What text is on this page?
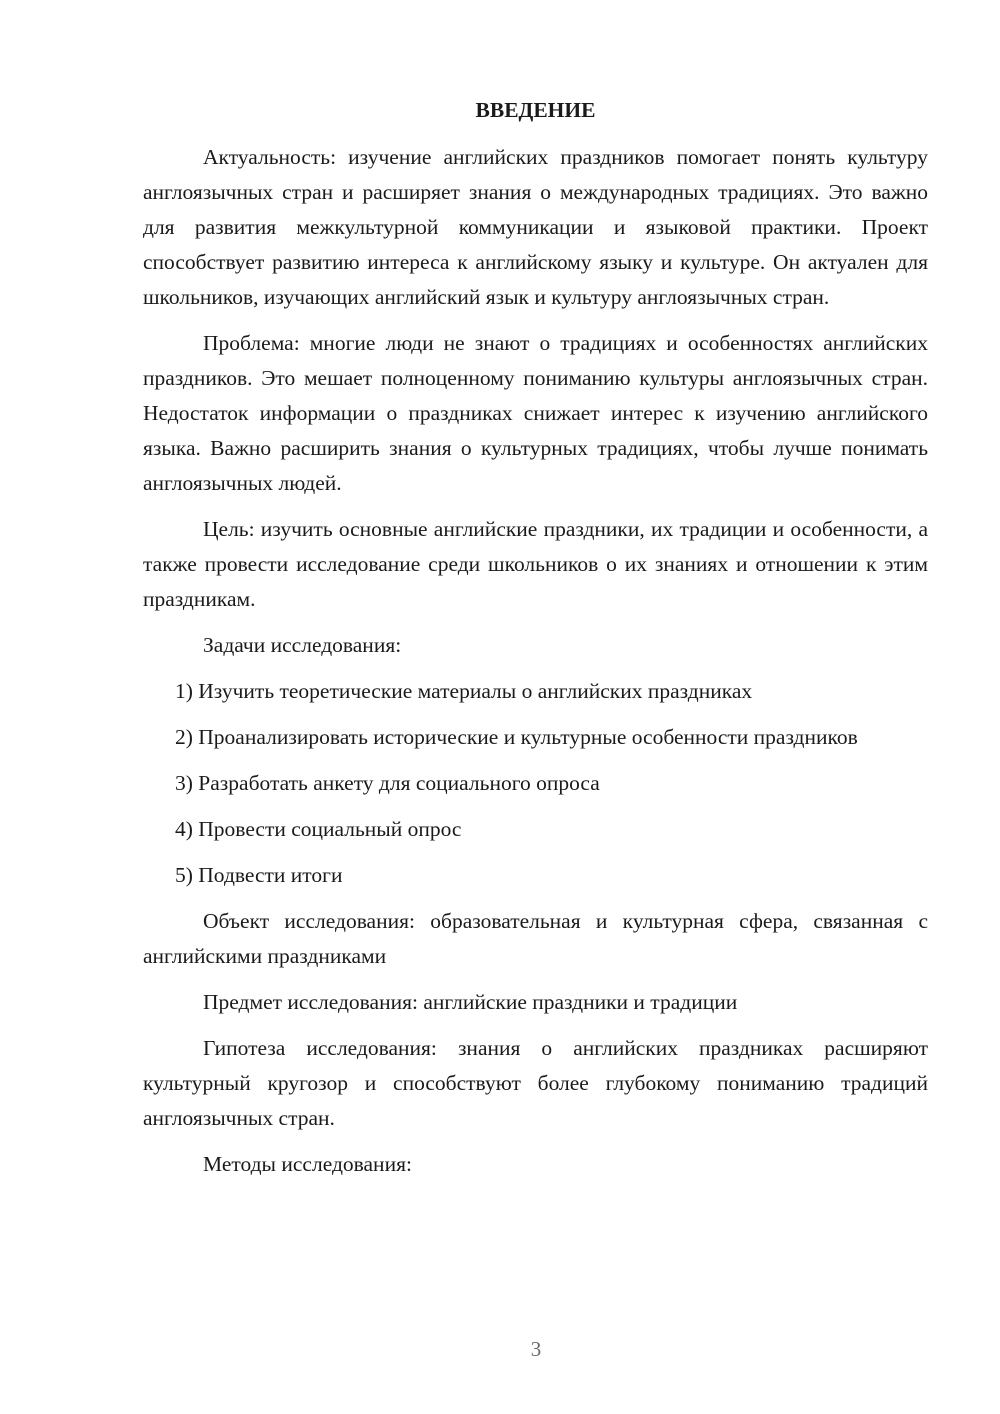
ВВЕДЕНИЕ

Актуальность: изучение английских праздников помогает понять культуру англоязычных стран и расширяет знания о международных традициях. Это важно для развития межкультурной коммуникации и языковой практики. Проект способствует развитию интереса к английскому языку и культуре. Он актуален для школьников, изучающих английский язык и культуру англоязычных стран.

Проблема: многие люди не знают о традициях и особенностях английских праздников. Это мешает полноценному пониманию культуры англоязычных стран. Недостаток информации о праздниках снижает интерес к изучению английского языка. Важно расширить знания о культурных традициях, чтобы лучше понимать англоязычных людей.

Цель: изучить основные английские праздники, их традиции и особенности, а также провести исследование среди школьников о их знаниях и отношении к этим праздникам.

Задачи исследования:

1) Изучить теоретические материалы о английских праздниках

2) Проанализировать исторические и культурные особенности праздников

3) Разработать анкету для социального опроса

4) Провести социальный опрос

5) Подвести итоги

Объект исследования: образовательная и культурная сфера, связанная с английскими праздниками

Предмет исследования: английские праздники и традиции

Гипотеза исследования: знания о английских праздниках расширяют культурный кругозор и способствуют более глубокому пониманию традиций англоязычных стран.

Методы исследования:

3
